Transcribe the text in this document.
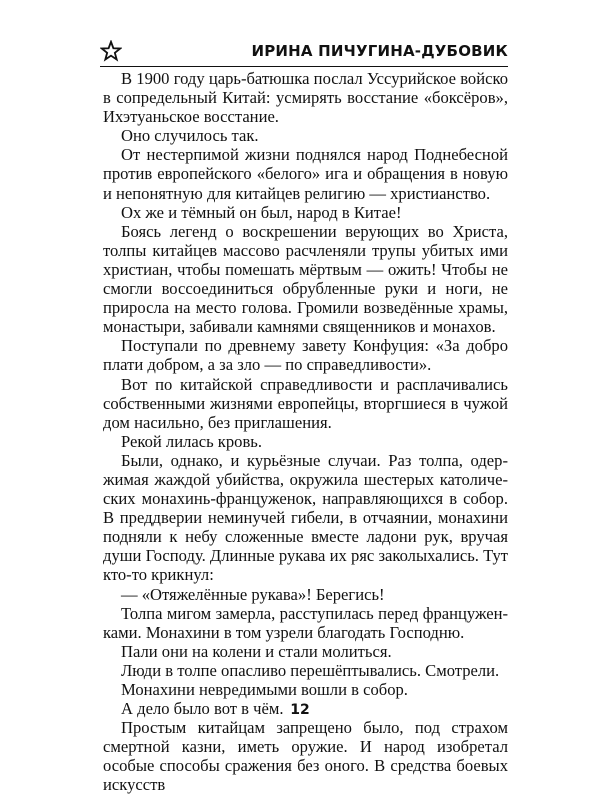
ИРИНА ПИЧУГИНА-ДУБОВИК

В 1900 году царь-батюшка послал Уссурийское войско в сопредельный Китай: усмирять восстание «боксёров», Ихэтуаньское восстание.

Оно случилось так.

От нестерпимой жизни поднялся народ Поднебесной против европейского «белого» ига и обращения в новую и непонятную для китайцев религию — христианство.

Ох же и тёмный он был, народ в Китае!

Боясь легенд о воскрешении верующих во Христа, толпы китайцев массово расчленяли трупы убитых ими христиан, чтобы помешать мёртвым — ожить! Чтобы не смогли воссоединиться обрубленные руки и ноги, не приросла на место голова. Громили возведённые храмы, монастыри, забивали камнями священников и монахов.

Поступали по древнему завету Конфуция: «За добро плати добром, а за зло — по справедливости».

Вот по китайской справедливости и расплачивались собственными жизнями европейцы, вторгшиеся в чужой дом насильно, без приглашения.

Рекой лилась кровь.

Были, однако, и курьёзные случаи. Раз толпа, одержимая жаждой убийства, окружила шестерых католических монахинь-француженок, направляющихся в собор. В преддверии неминучей гибели, в отчаянии, монахини подняли к небу сложенные вместе ладони рук, вручая души Господу. Длинные рукава их ряс заколыхались. Тут кто-то крикнул:

— «Отяжелённые рукава»! Берегись!

Толпа мигом замерла, расступилась перед француженками. Монахини в том узрели благодать Господню.

Пали они на колени и стали молиться.

Люди в толпе опасливо перешёптывались. Смотрели.

Монахини невредимыми вошли в собор.

А дело было вот в чём.

Простым китайцам запрещено было, под страхом смертной казни, иметь оружие. И народ изобретал особые способы сражения без оного. В средства боевых искусств

12
